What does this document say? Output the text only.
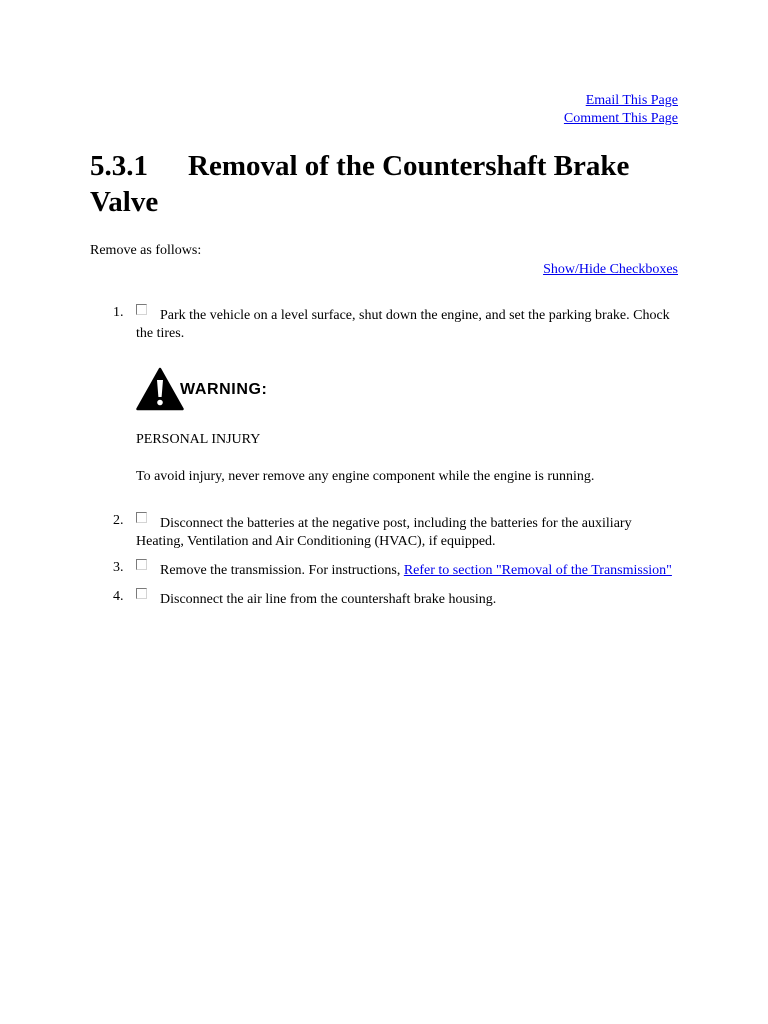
Email This Page
Comment This Page
5.3.1 Removal of the Countershaft Brake Valve
Remove as follows:
Show/Hide Checkboxes
1.	Park the vehicle on a level surface, shut down the engine, and set the parking brake. Chock the tires.
WARNING:
PERSONAL INJURY
To avoid injury, never remove any engine component while the engine is running.
2.	Disconnect the batteries at the negative post, including the batteries for the auxiliary Heating, Ventilation and Air Conditioning (HVAC), if equipped.
3.	Remove the transmission. For instructions, Refer to section "Removal of the Transmission"
4.	Disconnect the air line from the countershaft brake housing.
